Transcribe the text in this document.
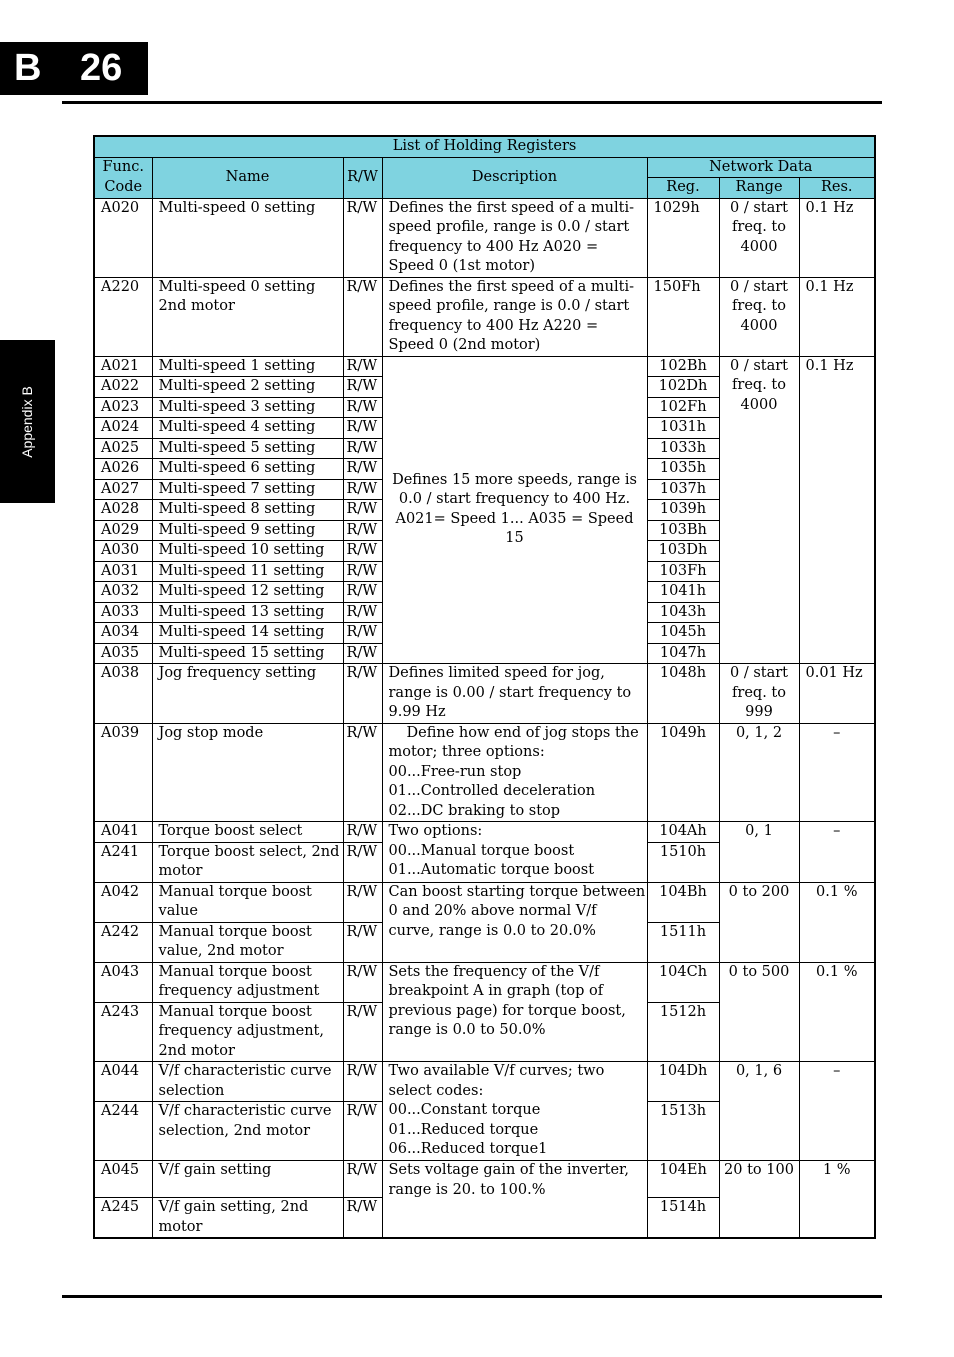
B 26
Appendix B
List of Holding Registers						
Func. Code	Name	R/W	Description	Network Data		
				Reg.	Range	Res.
A020	Multi-speed 0 setting	R/W	Defines the first speed of a multi-speed profile, range is 0.0 / start frequency to 400 Hz A020 = Speed 0 (1st motor)	1029h	0 / start freq. to 4000	0.1 Hz
A220	Multi-speed 0 setting 2nd motor	R/W	Defines the first speed of a multi-speed profile, range is 0.0 / start frequency to 400 Hz A220 = Speed 0 (2nd motor)	150Fh	0 / start freq. to 4000	0.1 Hz
A021	Multi-speed 1 setting	R/W	Defines 15 more speeds, range is 0.0 / start frequency to 400 Hz. A021= Speed 1... A035 = Speed 15	102Bh	0 / start freq. to 4000	0.1 Hz
A022	Multi-speed 2 setting	R/W		102Dh		
A023	Multi-speed 3 setting	R/W		102Fh		
A024	Multi-speed 4 setting	R/W		1031h		
A025	Multi-speed 5 setting	R/W		1033h		
A026	Multi-speed 6 setting	R/W		1035h		
A027	Multi-speed 7 setting	R/W		1037h		
A028	Multi-speed 8 setting	R/W		1039h		
A029	Multi-speed 9 setting	R/W		103Bh		
A030	Multi-speed 10 setting	R/W		103Dh		
A031	Multi-speed 11 setting	R/W		103Fh		
A032	Multi-speed 12 setting	R/W		1041h		
A033	Multi-speed 13 setting	R/W		1043h		
A034	Multi-speed 14 setting	R/W		1045h		
A035	Multi-speed 15 setting	R/W		1047h		
A038	Jog frequency setting	R/W	Defines limited speed for jog, range is 0.00 / start frequency to 9.99 Hz	1048h	0 / start freq. to 999	0.01 Hz
A039	Jog stop mode	R/W	Define how end of jog stops the motor; three options:
00...Free-run stop
01...Controlled deceleration
02...DC braking to stop	1049h	0, 1, 2	–
A041	Torque boost select	R/W	Two options:
00...Manual torque boost
01...Automatic torque boost	104Ah	0, 1	–
A241	Torque boost select, 2nd motor	R/W		1510h		
A042	Manual torque boost value	R/W	Can boost starting torque between 0 and 20% above normal V/f curve, range is 0.0 to 20.0%	104Bh	0 to 200	0.1 %
A242	Manual torque boost value, 2nd motor	R/W		1511h		
A043	Manual torque boost frequency adjustment	R/W	Sets the frequency of the V/f breakpoint A in graph (top of previous page) for torque boost, range is 0.0 to 50.0%	104Ch	0 to 500	0.1 %
A243	Manual torque boost frequency adjustment, 2nd motor	R/W		1512h		
A044	V/f characteristic curve selection	R/W	Two available V/f curves; two select codes:
00...Constant torque
01...Reduced torque
06...Reduced torque1	104Dh	0, 1, 6	–
A244	V/f characteristic curve selection, 2nd motor	R/W		1513h		
A045	V/f gain setting	R/W	Sets voltage gain of the inverter, range is 20. to 100.%	104Eh	20 to 100	1 %
A245	V/f gain setting, 2nd motor	R/W		1514h		
